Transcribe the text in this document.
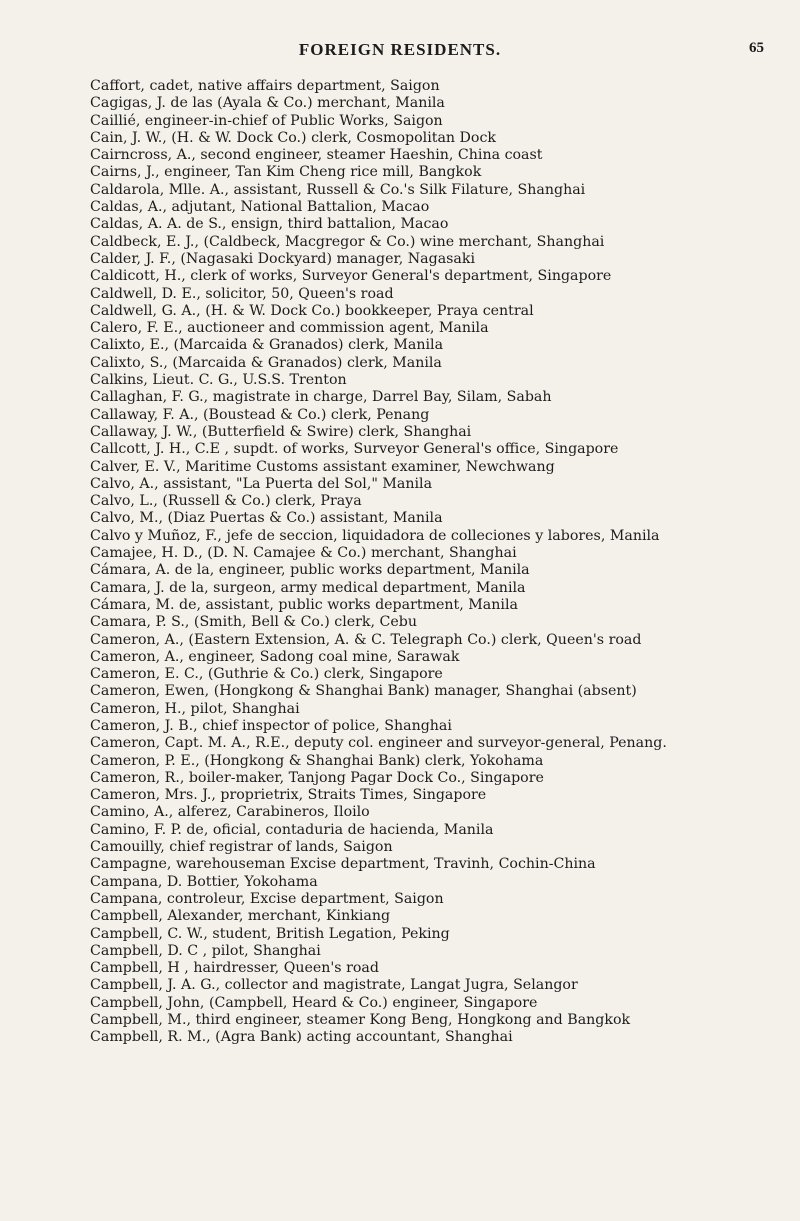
FOREIGN RESIDENTS.	65
Caffort, cadet, native affairs department, Saigon
Cagigas, J. de las (Ayala & Co.) merchant, Manila
Caillié, engineer-in-chief of Public Works, Saigon
Cain, J. W., (H. & W. Dock Co.) clerk, Cosmopolitan Dock
Cairncross, A., second engineer, steamer Haeshin, China coast
Cairns, J., engineer, Tan Kim Cheng rice mill, Bangkok
Caldarola, Mlle. A., assistant, Russell & Co.'s Silk Filature, Shanghai
Caldas, A., adjutant, National Battalion, Macao
Caldas, A. A. de S., ensign, third battalion, Macao
Caldbeck, E. J., (Caldbeck, Macgregor & Co.) wine merchant, Shanghai
Calder, J. F., (Nagasaki Dockyard) manager, Nagasaki
Caldicott, H., clerk of works, Surveyor General's department, Singapore
Caldwell, D. E., solicitor, 50, Queen's road
Caldwell, G. A., (H. & W. Dock Co.) bookkeeper, Praya central
Calero, F. E., auctioneer and commission agent, Manila
Calixto, E., (Marcaida & Granados) clerk, Manila
Calixto, S., (Marcaida & Granados) clerk, Manila
Calkins, Lieut. C. G., U.S.S. Trenton
Callaghan, F. G., magistrate in charge, Darrel Bay, Silam, Sabah
Callaway, F. A., (Boustead & Co.) clerk, Penang
Callaway, J. W., (Butterfield & Swire) clerk, Shanghai
Callcott, J. H., C.E , supdt. of works, Surveyor General's office, Singapore
Calver, E. V., Maritime Customs assistant examiner, Newchwang
Calvo, A., assistant, "La Puerta del Sol," Manila
Calvo, L., (Russell & Co.) clerk, Praya
Calvo, M., (Diaz Puertas & Co.) assistant, Manila
Calvo y Muñoz, F., jefe de seccion, liquidadora de colleciones y labores, Manila
Camajee, H. D., (D. N. Camajee & Co.) merchant, Shanghai
Cámara, A. de la, engineer, public works department, Manila
Camara, J. de la, surgeon, army medical department, Manila
Cámara, M. de, assistant, public works department, Manila
Camara, P. S., (Smith, Bell & Co.) clerk, Cebu
Cameron, A., (Eastern Extension, A. & C. Telegraph Co.) clerk, Queen's road
Cameron, A., engineer, Sadong coal mine, Sarawak
Cameron, E. C., (Guthrie & Co.) clerk, Singapore
Cameron, Ewen, (Hongkong & Shanghai Bank) manager, Shanghai (absent)
Cameron, H., pilot, Shanghai
Cameron, J. B., chief inspector of police, Shanghai
Cameron, Capt. M. A., R.E., deputy col. engineer and surveyor-general, Penang.
Cameron, P. E., (Hongkong & Shanghai Bank) clerk, Yokohama
Cameron, R., boiler-maker, Tanjong Pagar Dock Co., Singapore
Cameron, Mrs. J., proprietrix, Straits Times, Singapore
Camino, A., alferez, Carabineros, Iloilo
Camino, F. P. de, oficial, contaduria de hacienda, Manila
Camouilly, chief registrar of lands, Saigon
Campagne, warehouseman Excise department, Travinh, Cochin-China
Campana, D. Bottier, Yokohama
Campana, controleur, Excise department, Saigon
Campbell, Alexander, merchant, Kinkiang
Campbell, C. W., student, British Legation, Peking
Campbell, D. C , pilot, Shanghai
Campbell, H , hairdresser, Queen's road
Campbell, J. A. G., collector and magistrate, Langat Jugra, Selangor
Campbell, John, (Campbell, Heard & Co.) engineer, Singapore
Campbell, M., third engineer, steamer Kong Beng, Hongkong and Bangkok
Campbell, R. M., (Agra Bank) acting accountant, Shanghai
